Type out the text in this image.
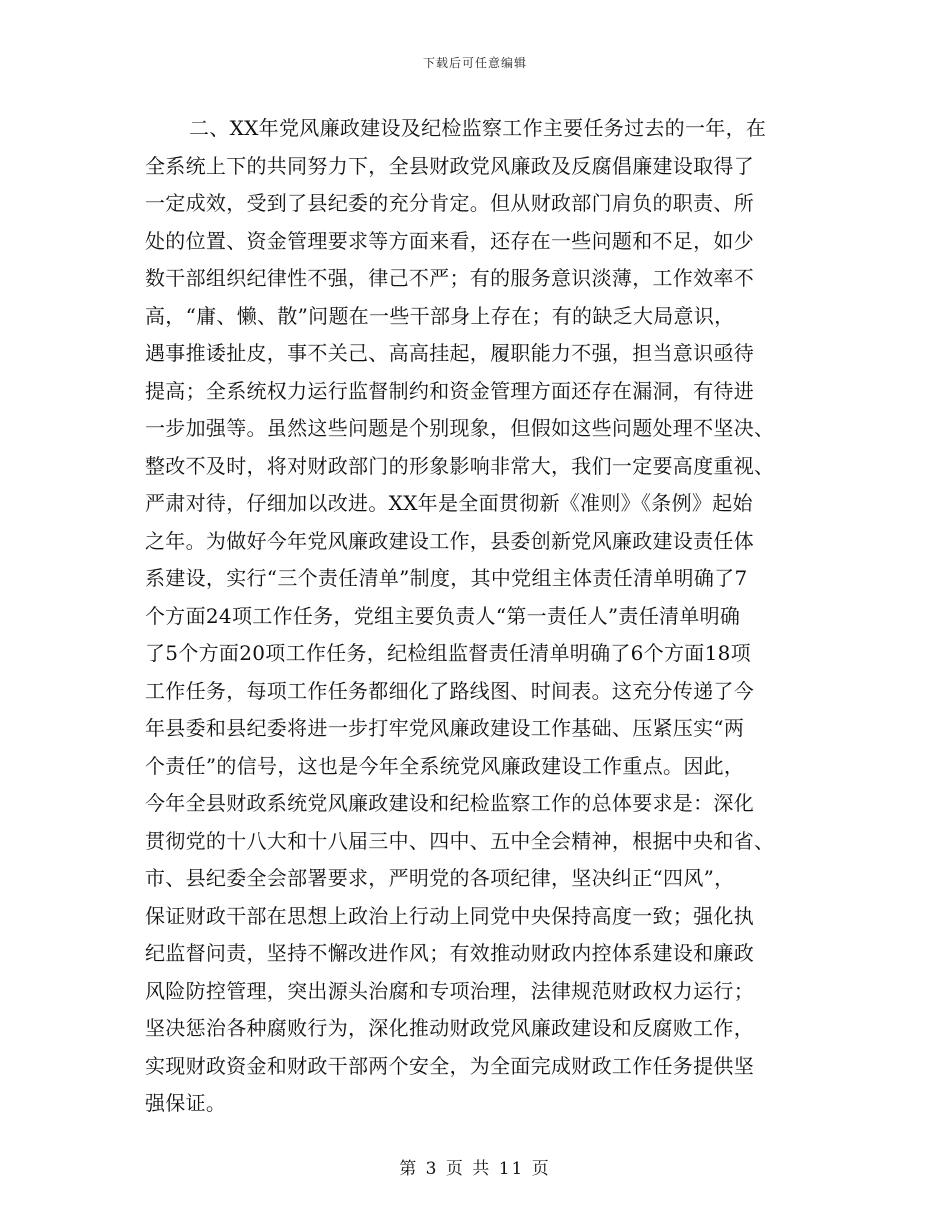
下载后可任意编辑
二、XX年党风廉政建设及纪检监察工作主要任务过去的一年，在
全系统上下的共同努力下，全县财政党风廉政及反腐倡廉建设取得了
一定成效，受到了县纪委的充分肯定。但从财政部门肩负的职责、所
处的位置、资金管理要求等方面来看，还存在一些问题和不足，如少
数干部组织纪律性不强，律己不严；有的服务意识淡薄，工作效率不
高，“庸、懒、散”问题在一些干部身上存在；有的缺乏大局意识，
遇事推诿扯皮，事不关己、高高挂起，履职能力不强，担当意识亟待
提高；全系统权力运行监督制约和资金管理方面还存在漏洞，有待进
一步加强等。虽然这些问题是个别现象，但假如这些问题处理不坚决、
整改不及时，将对财政部门的形象影响非常大，我们一定要高度重视、
严肃对待，仔细加以改进。XX年是全面贯彻新《准则》《条例》起始
之年。为做好今年党风廉政建设工作，县委创新党风廉政建设责任体
系建设，实行“三个责任清单”制度，其中党组主体责任清单明确了7
个方面24项工作任务，党组主要负责人“第一责任人”责任清单明确
了5个方面20项工作任务，纪检组监督责任清单明确了6个方面18项
工作任务，每项工作任务都细化了路线图、时间表。这充分传递了今
年县委和县纪委将进一步打牢党风廉政建设工作基础、压紧压实“两
个责任”的信号，这也是今年全系统党风廉政建设工作重点。因此，
今年全县财政系统党风廉政建设和纪检监察工作的总体要求是：深化
贯彻党的十八大和十八届三中、四中、五中全会精神，根据中央和省、
市、县纪委全会部署要求，严明党的各项纪律，坚决纠正“四风”，
保证财政干部在思想上政治上行动上同党中央保持高度一致；强化执
纪监督问责，坚持不懈改进作风；有效推动财政内控体系建设和廉政
风险防控管理，突出源头治腐和专项治理，法律规范财政权力运行；
坚决惩治各种腐败行为，深化推动财政党风廉政建设和反腐败工作，
实现财政资金和财政干部两个安全，为全面完成财政工作任务提供坚
强保证。
第 3 页 共 11 页
